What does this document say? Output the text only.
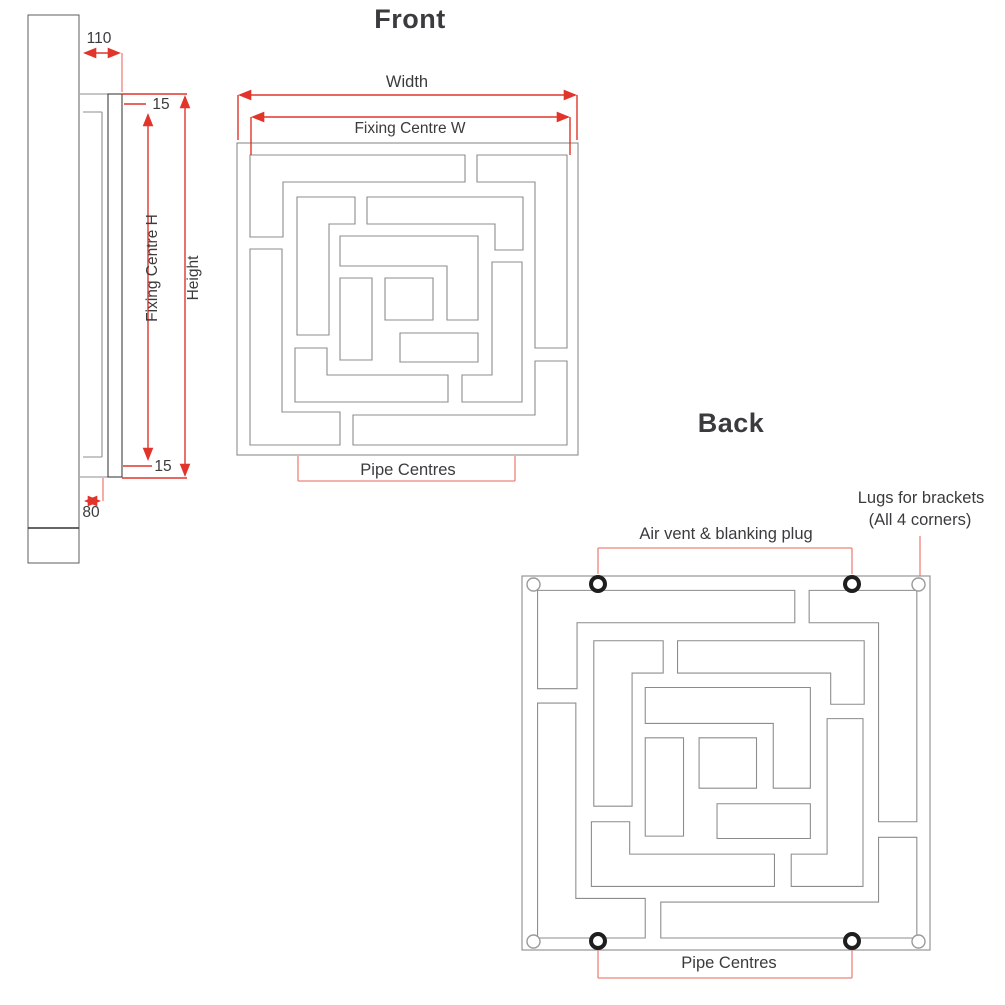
Front
Back
Width
Fixing Centre W
Pipe Centres
110
15
15
80
Fixing Centre H Height
Air vent & blanking plug
Lugs for brackets
(All 4 corners)
Pipe Centres
